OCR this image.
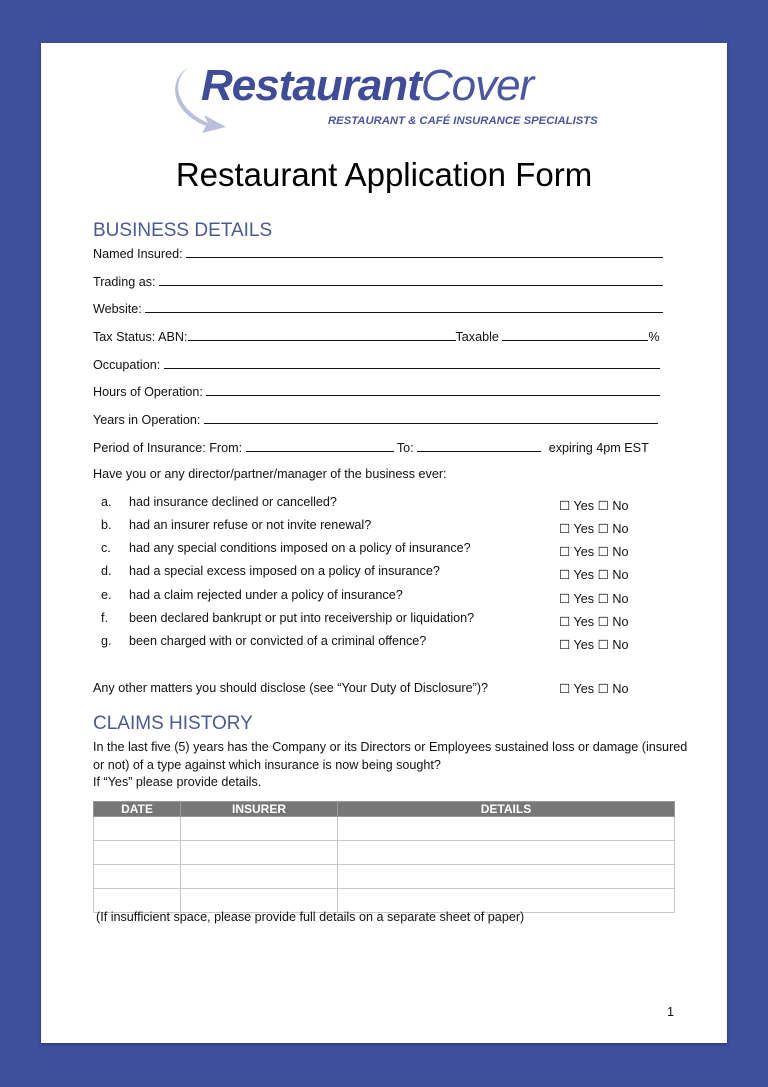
RestaurantCover
RESTAURANT & CAFÉ INSURANCE SPECIALISTS
Restaurant Application Form
BUSINESS DETAILS
Named Insured:
Trading as:
Website:
Tax Status: ABN:	Taxable	%
Occupation:
Hours of Operation:
Years in Operation:
Period of Insurance: From:	To:	expiring 4pm EST
Have you or any director/partner/manager of the business ever:
a. had insurance declined or cancelled?	☐ Yes ☐ No
b. had an insurer refuse or not invite renewal?	☐ Yes ☐ No
c. had any special conditions imposed on a policy of insurance?	☐ Yes ☐ No
d. had a special excess imposed on a policy of insurance?	☐ Yes ☐ No
e. had a claim rejected under a policy of insurance?	☐ Yes ☐ No
f. been declared bankrupt or put into receivership or liquidation?	☐ Yes ☐ No
g. been charged with or convicted of a criminal offence?	☐ Yes ☐ No
Any other matters you should disclose (see “Your Duty of Disclosure”)?	☐ Yes ☐ No
CLAIMS HISTORY
In the last five (5) years has the Company or its Directors or Employees sustained loss or damage (insured or not) of a type against which insurance is now being sought?
If “Yes” please provide details.
DATE	INSURER	DETAILS

(If insufficient space, please provide full details on a separate sheet of paper)
1
